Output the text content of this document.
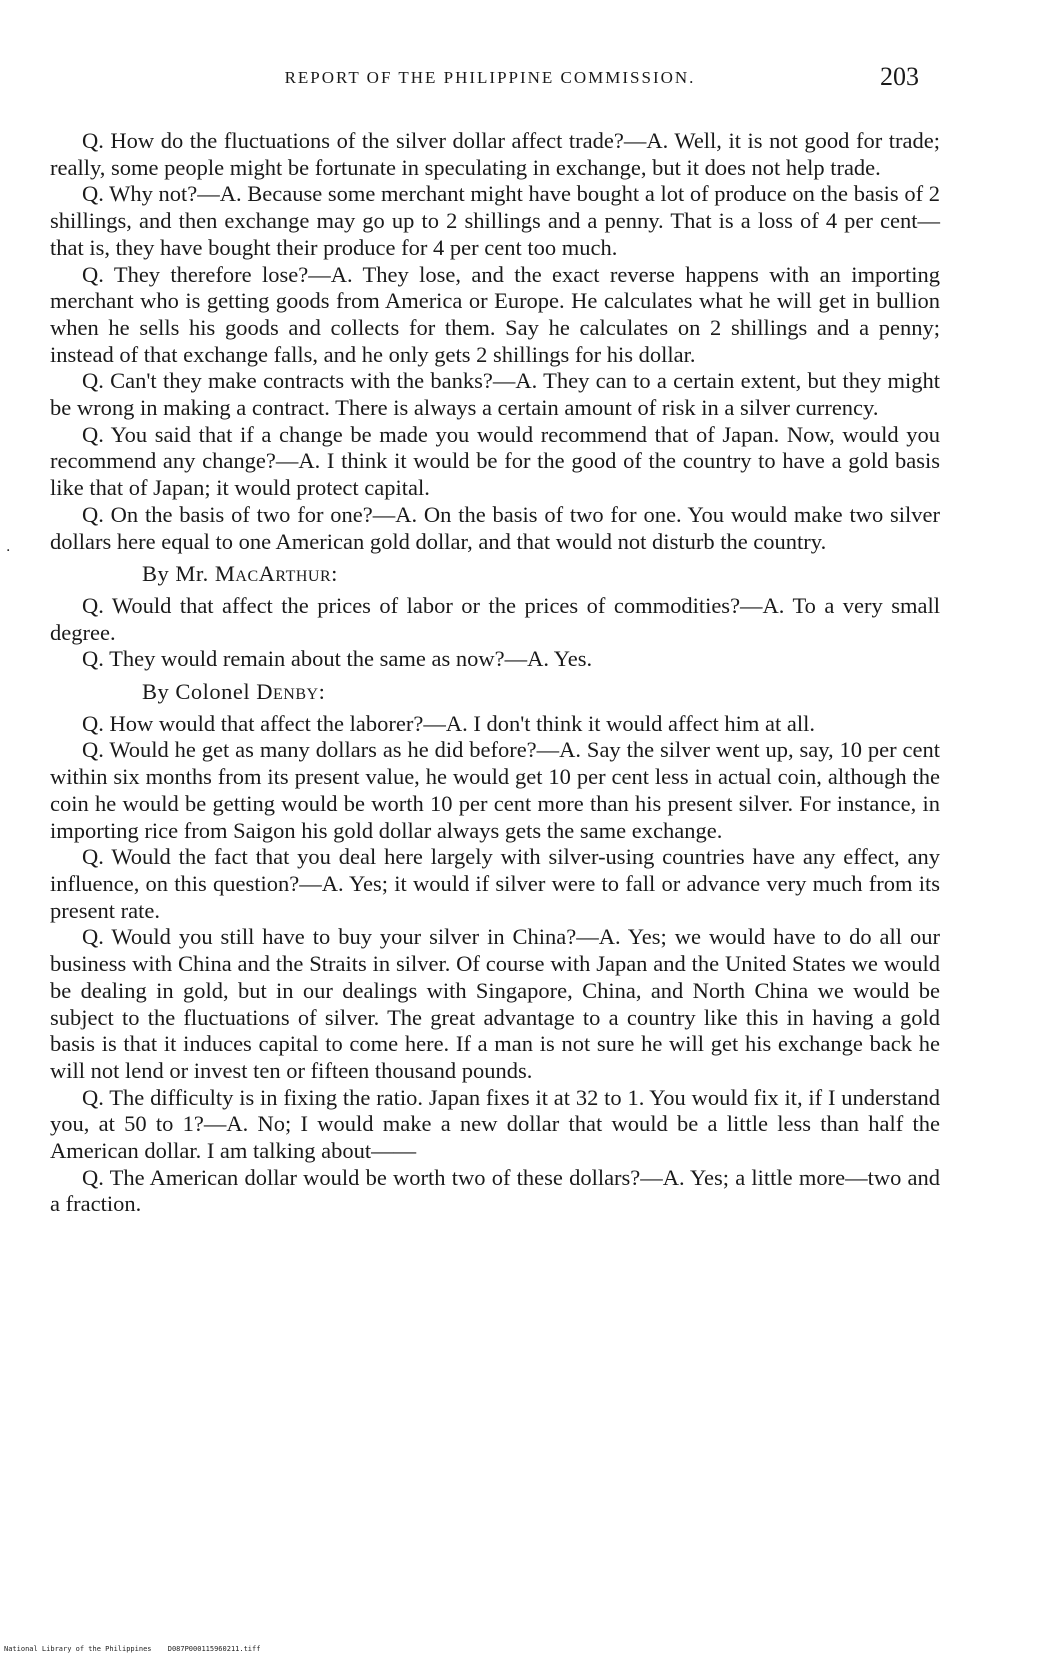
REPORT OF THE PHILIPPINE COMMISSION.	203
·

Q. How do the fluctuations of the silver dollar affect trade?—A. Well, it is not good for trade; really, some people might be fortunate in speculating in exchange, but it does not help trade.

Q. Why not?—A. Because some merchant might have bought a lot of produce on the basis of 2 shillings, and then exchange may go up to 2 shillings and a penny. That is a loss of 4 per cent—that is, they have bought their produce for 4 per cent too much.

Q. They therefore lose?—A. They lose, and the exact reverse happens with an importing merchant who is getting goods from America or Europe. He calculates what he will get in bullion when he sells his goods and collects for them. Say he calculates on 2 shillings and a penny; instead of that exchange falls, and he only gets 2 shillings for his dollar.

Q. Can't they make contracts with the banks?—A. They can to a certain extent, but they might be wrong in making a contract. There is always a certain amount of risk in a silver currency.

Q. You said that if a change be made you would recommend that of Japan. Now, would you recommend any change?—A. I think it would be for the good of the country to have a gold basis like that of Japan; it would protect capital.

Q. On the basis of two for one?—A. On the basis of two for one. You would make two silver dollars here equal to one American gold dollar, and that would not disturb the country.

By Mr. MacArthur:

Q. Would that affect the prices of labor or the prices of commodities?—A. To a very small degree.

Q. They would remain about the same as now?—A. Yes.

By Colonel Denby:

Q. How would that affect the laborer?—A. I don't think it would affect him at all.

Q. Would he get as many dollars as he did before?—A. Say the silver went up, say, 10 per cent within six months from its present value, he would get 10 per cent less in actual coin, although the coin he would be getting would be worth 10 per cent more than his present silver. For instance, in importing rice from Saigon his gold dollar always gets the same exchange.

Q. Would the fact that you deal here largely with silver-using countries have any effect, any influence, on this question?—A. Yes; it would if silver were to fall or advance very much from its present rate.

Q. Would you still have to buy your silver in China?—A. Yes; we would have to do all our business with China and the Straits in silver. Of course with Japan and the United States we would be dealing in gold, but in our dealings with Singapore, China, and North China we would be subject to the fluctuations of silver. The great advantage to a country like this in having a gold basis is that it induces capital to come here. If a man is not sure he will get his exchange back he will not lend or invest ten or fifteen thousand pounds.

Q. The difficulty is in fixing the ratio. Japan fixes it at 32 to 1. You would fix it, if I understand you, at 50 to 1?—A. No; I would make a new dollar that would be a little less than half the American dollar. I am talking about——

Q. The American dollar would be worth two of these dollars?—A. Yes; a little more—two and a fraction.

National Library of the Philippines D087P000115960211.tiff
